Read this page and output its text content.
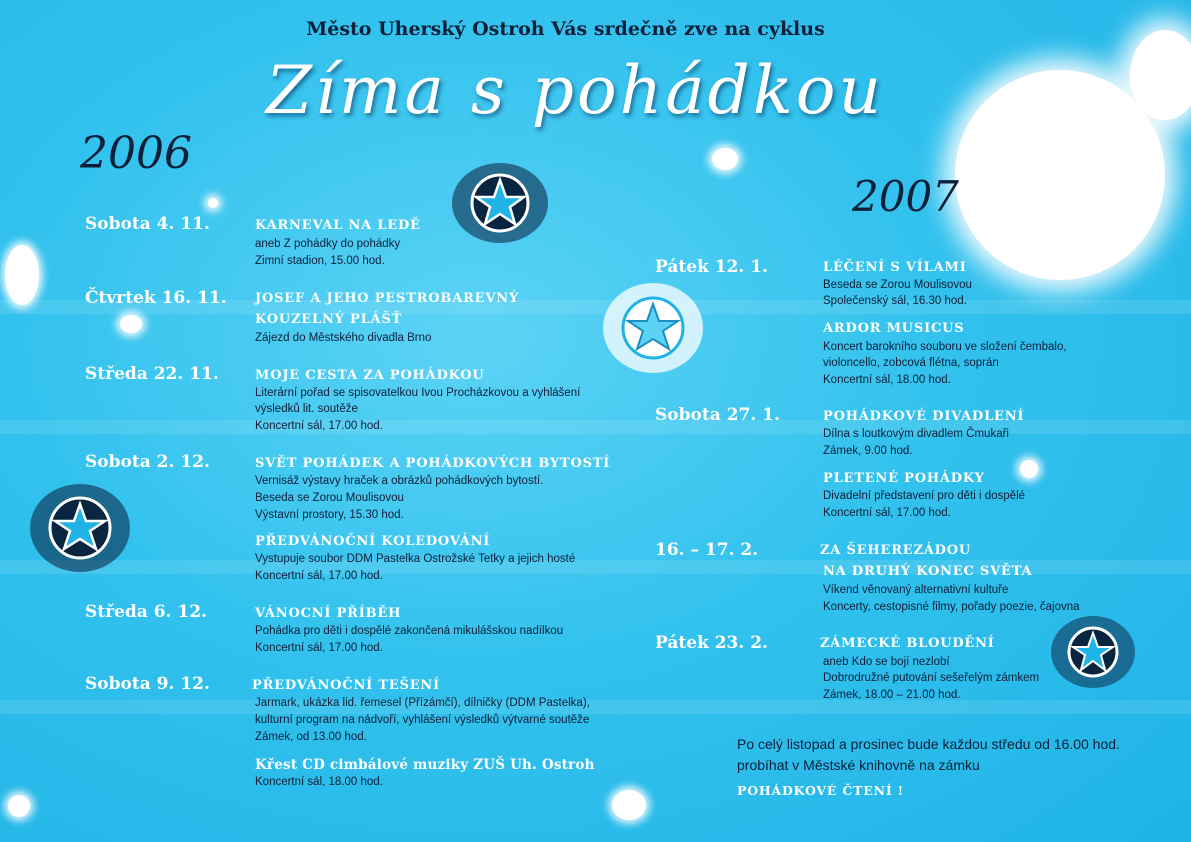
Město Uherský Ostroh Vás srdečně zve na cyklus
Zíma s pohádkou
2006
2007
Sobota 4. 11.	KARNEVAL NA LEDĚ
aneb Z pohádky do pohádky
Zimní stadion, 15.00 hod.
Čtvrtek 16. 11. JOSEF A JEHO PESTROBAREVNÝ
KOUZELNÝ PLÁŠŤ
Zájezd do Městského divadla Brno
Středa 22. 11.	MOJE CESTA ZA POHÁDKOU
Literární pořad se spisovatelkou Ivou Procházkovou a vyhlášení
výsledků lit. soutěže
Koncertní sál, 17.00 hod.
Sobota 2. 12.	SVĚT POHÁDEK A POHÁDKOVÝCH BYTOSTÍ
Vernisáž výstavy hraček a obrázků pohádkových bytostí.
Beseda se Zorou Moulisovou
Výstavní prostory, 15.30 hod.
PŘEDVÁNOČNÍ KOLEDOVÁNÍ
Vystupuje soubor DDM Pastelka Ostrožské Tetky a jejich hosté
Koncertní sál, 17.00 hod.
Středa 6. 12.	VÁNOCNÍ PŘÍBĚH
Pohádka pro děti i dospělé zakončená mikulášskou nadílkou
Koncertní sál, 17.00 hod.
Sobota 9. 12.	PŘEDVÁNOČNÍ TEŠENÍ
Jarmark, ukázka lid. řemesel (Přízámčí), dílničky (DDM Pastelka),
kulturní program na nádvoří, vyhlášení výsledků výtvarné soutěže
Zámek, od 13.00 hod.
Křest CD cimbálové muziky ZUŠ Uh. Ostroh
Koncertní sál, 18.00 hod.
Pátek 12. 1.	LÉČENÍ S VÍLAMI
Beseda se Zorou Moulisovou
Společenský sál, 16.30 hod.
ARDOR MUSICUS
Koncert barokního souboru ve složení čembalo,
violoncello, zobcová flétna, soprán
Koncertní sál, 18.00 hod.
Sobota 27. 1.	POHÁDKOVÉ DIVADLENÍ
Dílna s loutkovým divadlem Čmukaři
Zámek, 9.00 hod.
PLETENÉ POHÁDKY
Divadelní představení pro děti i dospělé
Koncertní sál, 17.00 hod.
16. – 17. 2.	ZA ŠEHEREZÁDOU
NA DRUHÝ KONEC SVĚTA
Víkend věnovaný alternativní kultuře
Koncerty, cestopisné filmy, pořady poezie, čajovna
Pátek 23. 2.	ZÁMECKÉ BLOUDĚNÍ
aneb Kdo se bojí nezlobí
Dobrodružné putování sešeřelým zámkem
Zámek, 18.00 – 21.00 hod.
Po celý listopad a prosinec bude každou středu od 16.00 hod. probíhat v Městské knihovně na zámku
POHÁDKOVÉ ČTENÍ !
